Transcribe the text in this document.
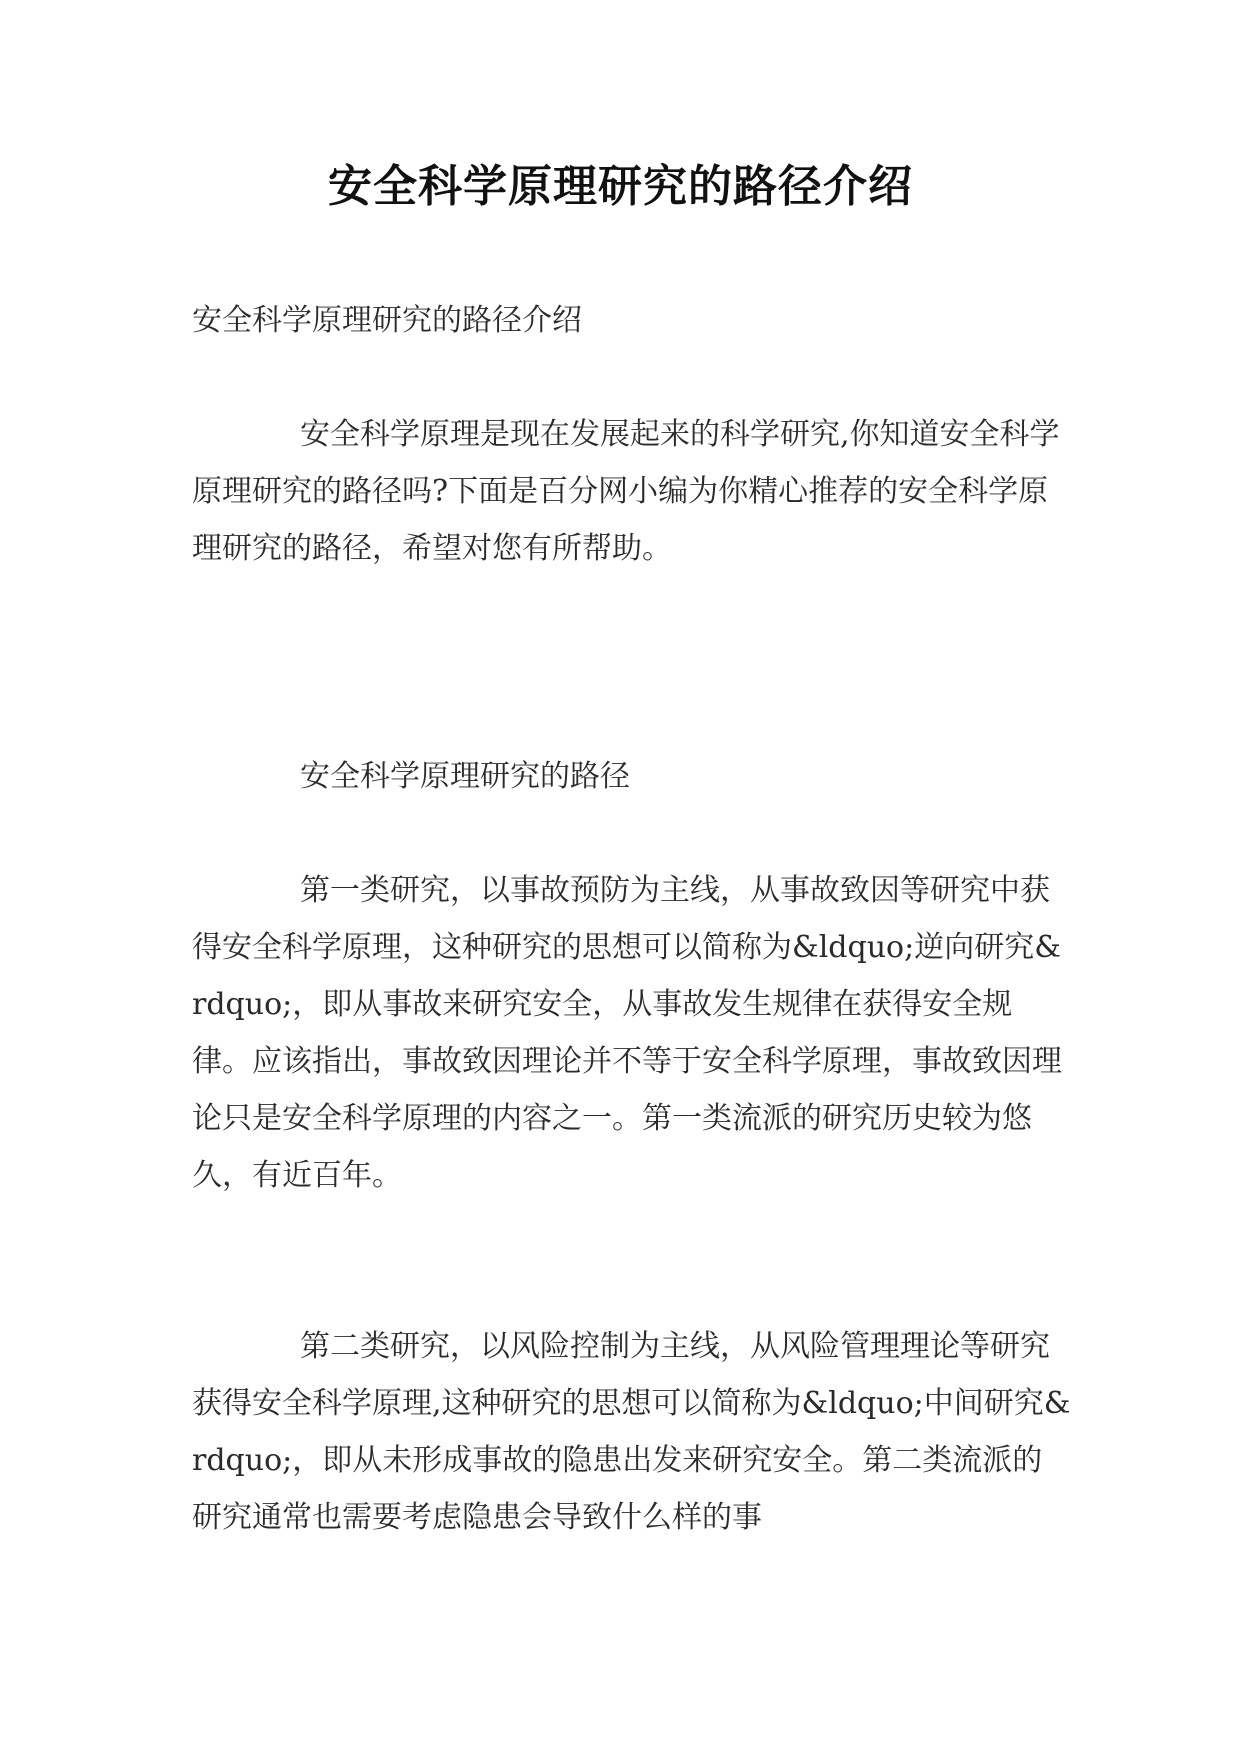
安全科学原理研究的路径介绍

安全科学原理研究的路径介绍

安全科学原理是现在发展起来的科学研究,你知道安全科学原理研究的路径吗?下面是百分网小编为你精心推荐的安全科学原理研究的路径，希望对您有所帮助。

安全科学原理研究的路径

第一类研究，以事故预防为主线，从事故致因等研究中获得安全科学原理，这种研究的思想可以简称为&ldquo;逆向研究&rdquo;，即从事故来研究安全，从事故发生规律在获得安全规律。应该指出，事故致因理论并不等于安全科学原理，事故致因理论只是安全科学原理的内容之一。第一类流派的研究历史较为悠久，有近百年。

第二类研究，以风险控制为主线，从风险管理理论等研究获得安全科学原理,这种研究的思想可以简称为&ldquo;中间研究&rdquo;，即从未形成事故的隐患出发来研究安全。第二类流派的研究通常也需要考虑隐患会导致什么样的事
